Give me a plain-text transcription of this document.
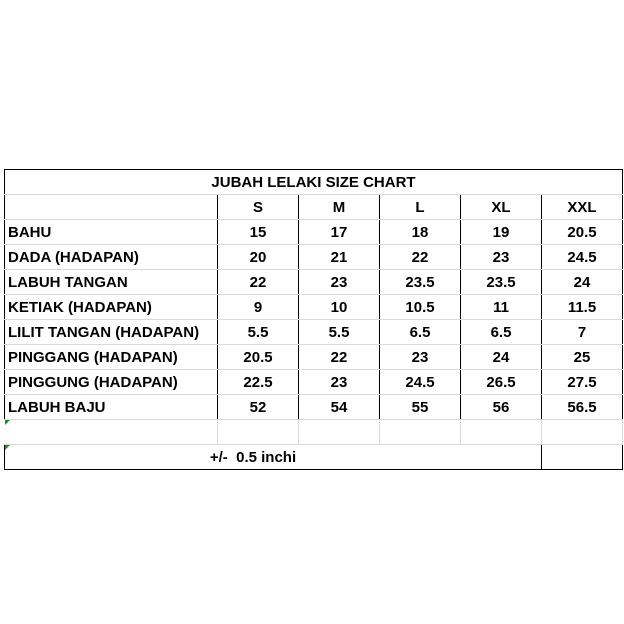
JUBAH LELAKI SIZE CHART					
	S	M	L	XL	XXL
BAHU	15	17	18	19	20.5
DADA (HADAPAN)	20	21	22	23	24.5
LABUH TANGAN	22	23	23.5	23.5	24
KETIAK (HADAPAN)	9	10	10.5	11	11.5
LILIT TANGAN (HADAPAN)	5.5	5.5	6.5	6.5	7
PINGGANG (HADAPAN)	20.5	22	23	24	25
PINGGUNG (HADAPAN)	22.5	23	24.5	26.5	27.5
LABUH BAJU	52	54	55	56	56.5

+/-  0.5 inchi					
